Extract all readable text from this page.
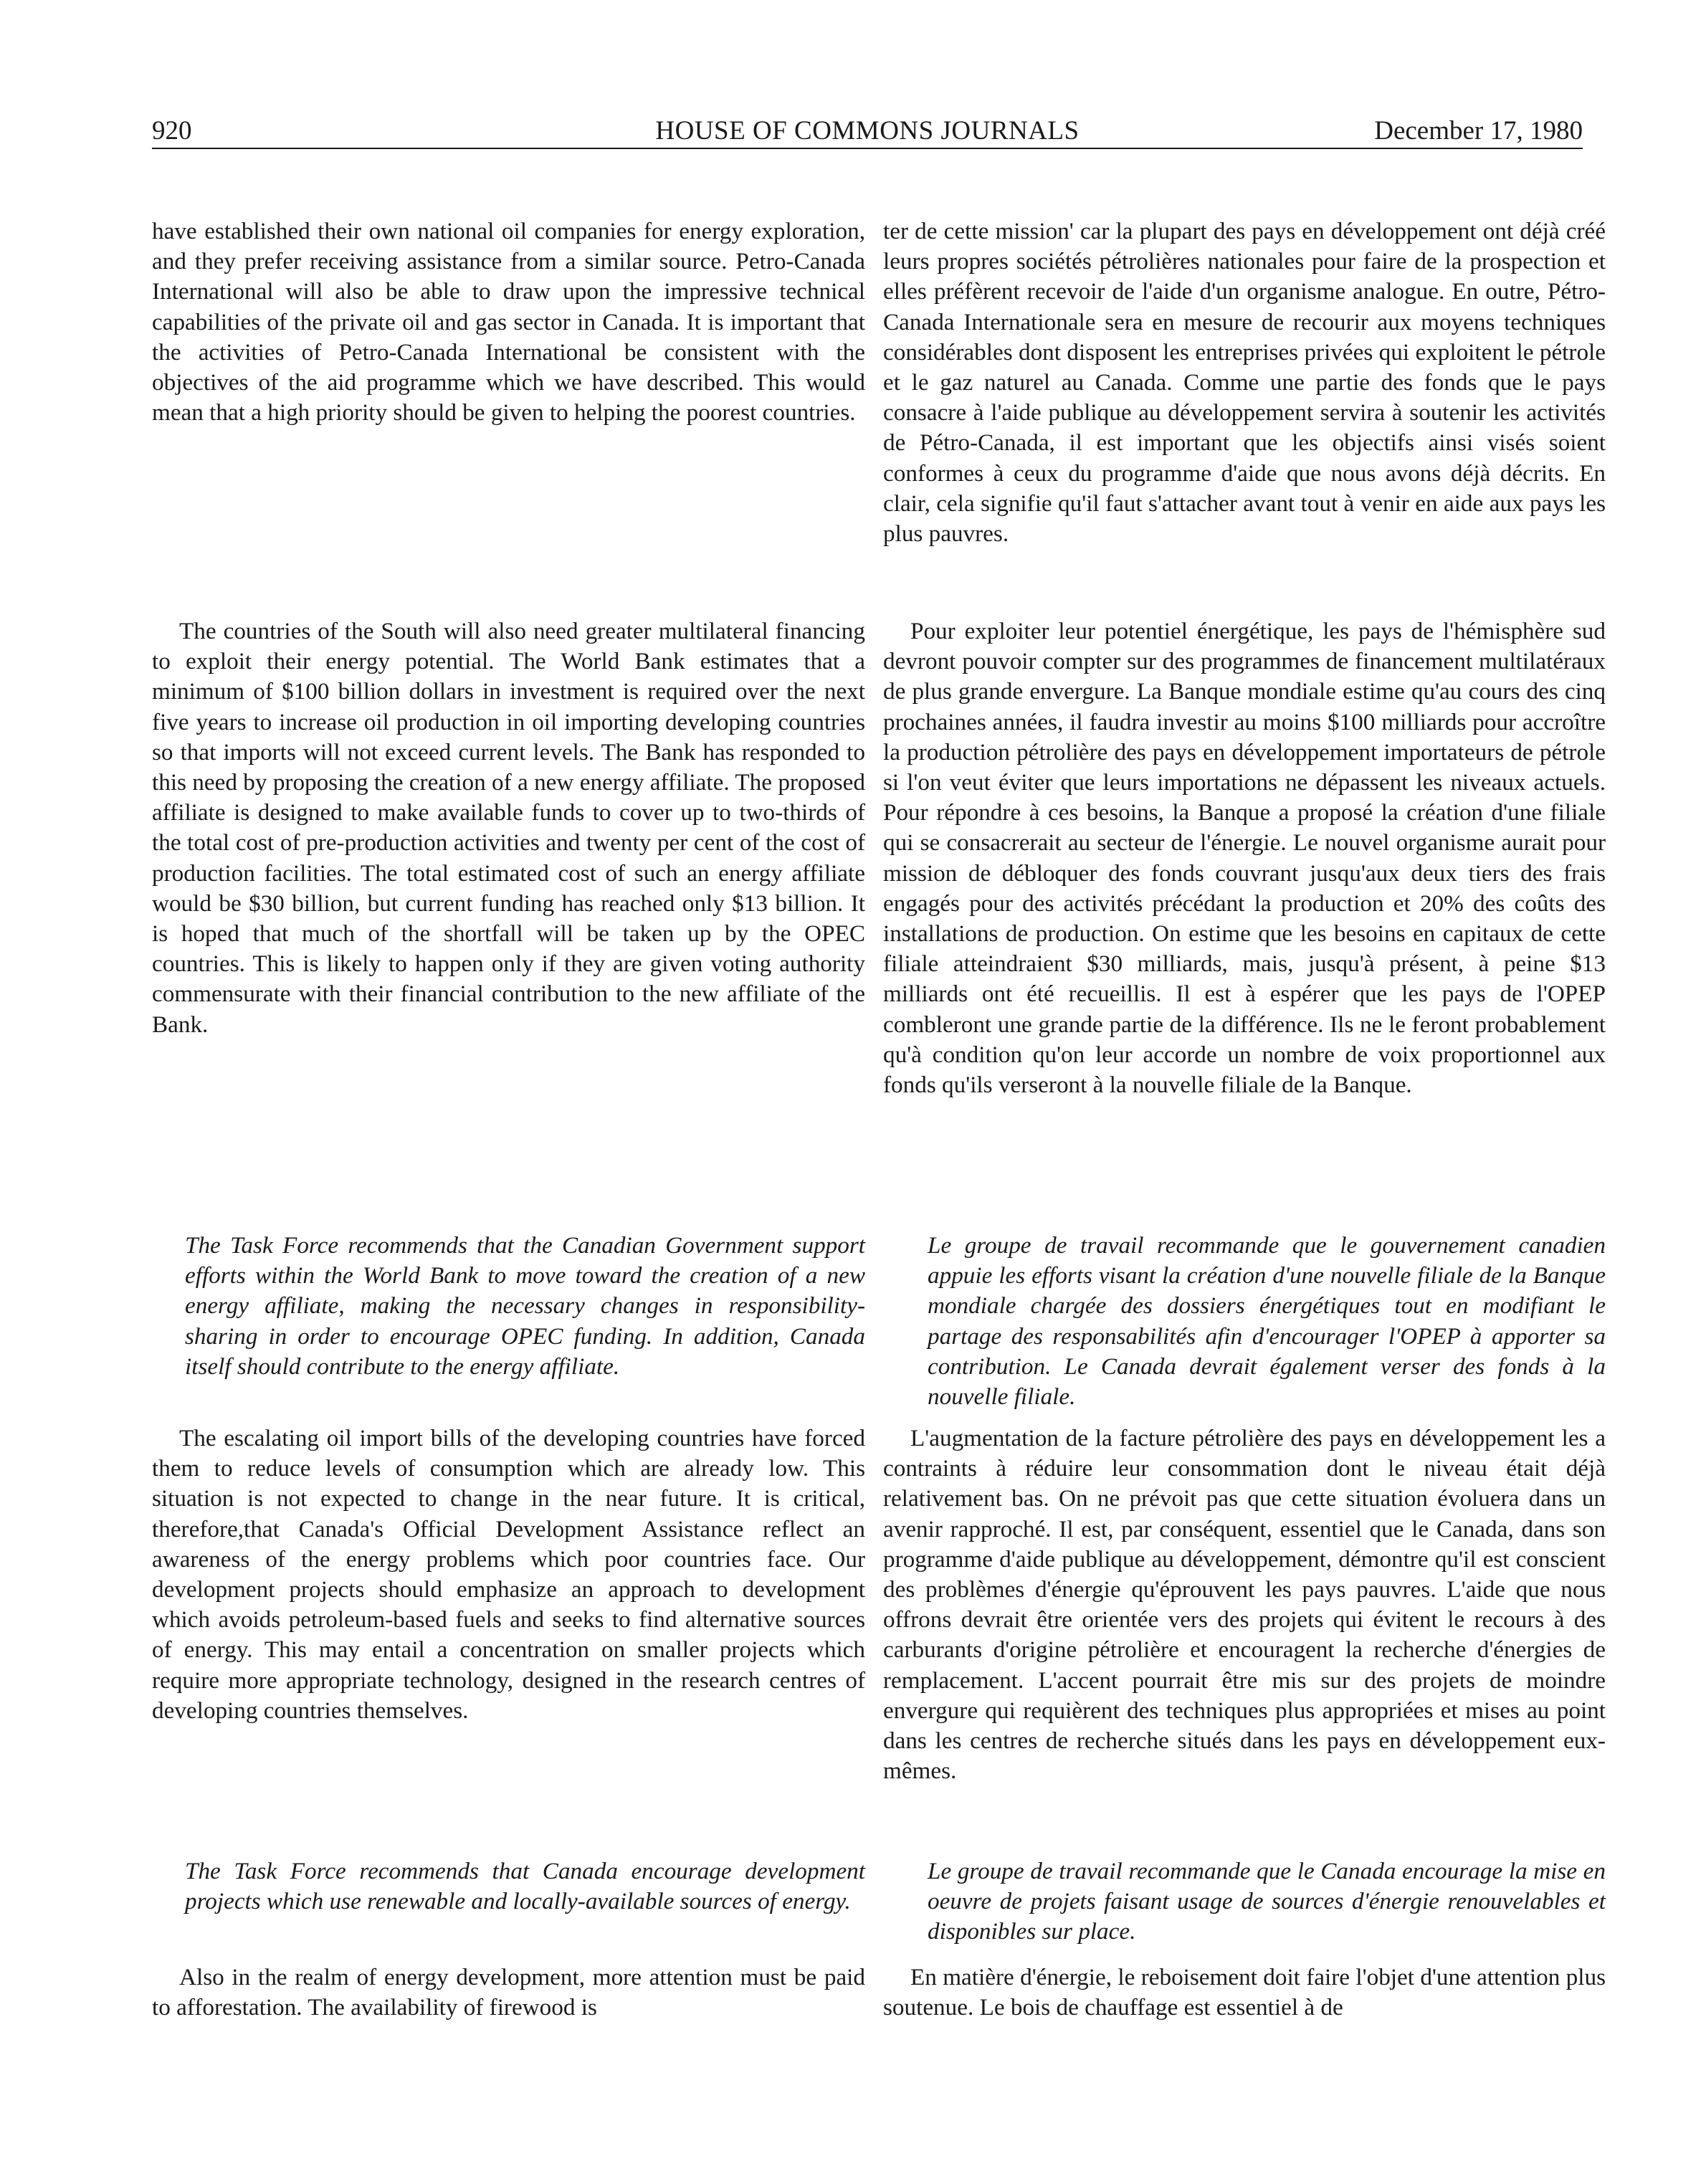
920	HOUSE OF COMMONS JOURNALS	December 17, 1980

have established their own national oil companies for energy exploration, and they prefer receiving assistance from a similar source. Petro-Canada International will also be able to draw upon the impressive technical capabilities of the private oil and gas sector in Canada. It is important that the activities of Petro-Canada International be consistent with the objectives of the aid programme which we have described. This would mean that a high priority should be given to helping the poorest countries.

The countries of the South will also need greater multilateral financing to exploit their energy potential. The World Bank estimates that a minimum of $100 billion dollars in investment is required over the next five years to increase oil production in oil importing developing countries so that imports will not exceed current levels. The Bank has responded to this need by proposing the creation of a new energy affiliate. The proposed affiliate is designed to make available funds to cover up to two-thirds of the total cost of pre-production activities and twenty per cent of the cost of production facilities. The total estimated cost of such an energy affiliate would be $30 billion, but current funding has reached only $13 billion. It is hoped that much of the shortfall will be taken up by the OPEC countries. This is likely to happen only if they are given voting authority commensurate with their financial contribution to the new affiliate of the Bank.

The Task Force recommends that the Canadian Government support efforts within the World Bank to move toward the creation of a new energy affiliate, making the necessary changes in responsibility-sharing in order to encourage OPEC funding. In addition, Canada itself should contribute to the energy affiliate.

The escalating oil import bills of the developing countries have forced them to reduce levels of consumption which are already low. This situation is not expected to change in the near future. It is critical, therefore,that Canada's Official Development Assistance reflect an awareness of the energy problems which poor countries face. Our development projects should emphasize an approach to development which avoids petroleum-based fuels and seeks to find alternative sources of energy. This may entail a concentration on smaller projects which require more appropriate technology, designed in the research centres of developing countries themselves.

The Task Force recommends that Canada encourage development projects which use renewable and locally-available sources of energy.

Also in the realm of energy development, more attention must be paid to afforestation. The availability of firewood is

ter de cette mission' car la plupart des pays en développement ont déjà créé leurs propres sociétés pétrolières nationales pour faire de la prospection et elles préfèrent recevoir de l'aide d'un organisme analogue. En outre, Pétro-Canada Internationale sera en mesure de recourir aux moyens techniques considérables dont disposent les entreprises privées qui exploitent le pétrole et le gaz naturel au Canada. Comme une partie des fonds que le pays consacre à l'aide publique au développement servira à soutenir les activités de Pétro-Canada, il est important que les objectifs ainsi visés soient conformes à ceux du programme d'aide que nous avons déjà décrits. En clair, cela signifie qu'il faut s'attacher avant tout à venir en aide aux pays les plus pauvres.

Pour exploiter leur potentiel énergétique, les pays de l'hémisphère sud devront pouvoir compter sur des programmes de financement multilatéraux de plus grande envergure. La Banque mondiale estime qu'au cours des cinq prochaines années, il faudra investir au moins $100 milliards pour accroître la production pétrolière des pays en développement importateurs de pétrole si l'on veut éviter que leurs importations ne dépassent les niveaux actuels. Pour répondre à ces besoins, la Banque a proposé la création d'une filiale qui se consacrerait au secteur de l'énergie. Le nouvel organisme aurait pour mission de débloquer des fonds couvrant jusqu'aux deux tiers des frais engagés pour des activités précédant la production et 20% des coûts des installations de production. On estime que les besoins en capitaux de cette filiale atteindraient $30 milliards, mais, jusqu'à présent, à peine $13 milliards ont été recueillis. Il est à espérer que les pays de l'OPEP combleront une grande partie de la différence. Ils ne le feront probablement qu'à condition qu'on leur accorde un nombre de voix proportionnel aux fonds qu'ils verseront à la nouvelle filiale de la Banque.

Le groupe de travail recommande que le gouvernement canadien appuie les efforts visant la création d'une nouvelle filiale de la Banque mondiale chargée des dossiers énergétiques tout en modifiant le partage des responsabilités afin d'encourager l'OPEP à apporter sa contribution. Le Canada devrait également verser des fonds à la nouvelle filiale.

L'augmentation de la facture pétrolière des pays en développement les a contraints à réduire leur consommation dont le niveau était déjà relativement bas. On ne prévoit pas que cette situation évoluera dans un avenir rapproché. Il est, par conséquent, essentiel que le Canada, dans son programme d'aide publique au développement, démontre qu'il est conscient des problèmes d'énergie qu'éprouvent les pays pauvres. L'aide que nous offrons devrait être orientée vers des projets qui évitent le recours à des carburants d'origine pétrolière et encouragent la recherche d'énergies de remplacement. L'accent pourrait être mis sur des projets de moindre envergure qui requièrent des techniques plus appropriées et mises au point dans les centres de recherche situés dans les pays en développement eux-mêmes.

Le groupe de travail recommande que le Canada encourage la mise en oeuvre de projets faisant usage de sources d'énergie renouvelables et disponibles sur place.

En matière d'énergie, le reboisement doit faire l'objet d'une attention plus soutenue. Le bois de chauffage est essentiel à de
